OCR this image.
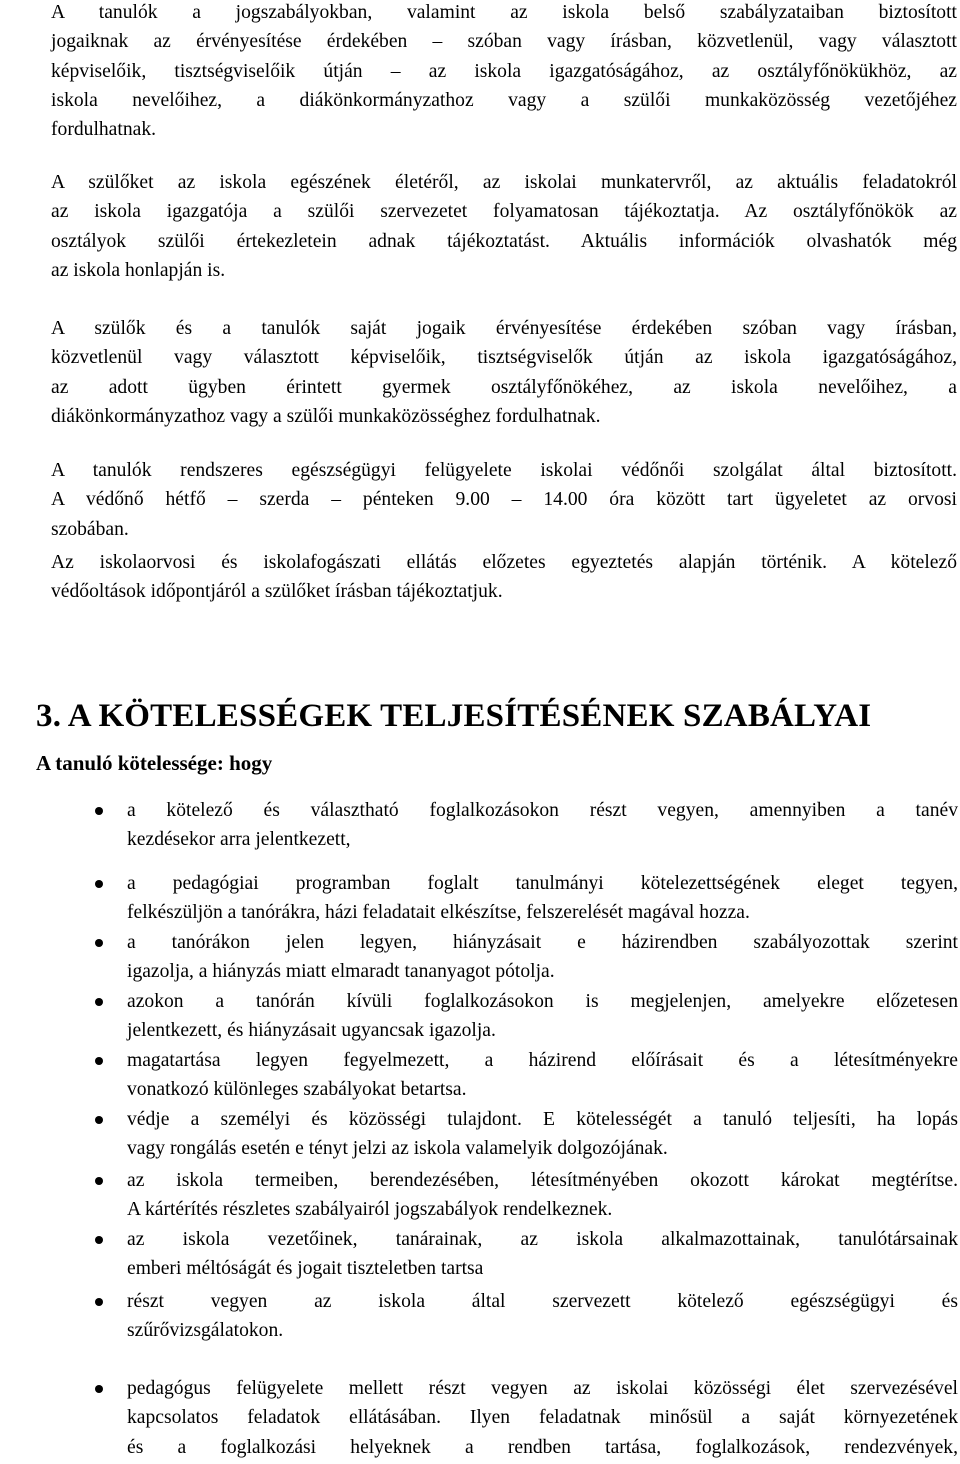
A tanulók a jogszabályokban, valamint az iskola belső szabályzataiban biztosított
jogaiknak az érvényesítése érdekében – szóban vagy írásban, közvetlenül, vagy választott
képviselőik, tisztségviselőik útján – az iskola igazgatóságához, az osztályfőnökükhöz, az
iskola nevelőihez, a diákönkormányzathoz vagy a szülői munkaközösség vezetőjéhez
fordulhatnak.
A szülőket az iskola egészének életéről, az iskolai munkatervről, az aktuális feladatokról
az iskola igazgatója a szülői szervezetet folyamatosan tájékoztatja. Az osztályfőnökök az
osztályok szülői értekezletein adnak tájékoztatást. Aktuális információk olvashatók még
az iskola honlapján is.
A szülők és a tanulók saját jogaik érvényesítése érdekében szóban vagy írásban,
közvetlenül vagy választott képviselőik, tisztségviselők útján az iskola igazgatóságához,
az adott ügyben érintett gyermek osztályfőnökéhez, az iskola nevelőihez, a
diákönkormányzathoz vagy a szülői munkaközösséghez fordulhatnak.
A tanulók rendszeres egészségügyi felügyelete iskolai védőnői szolgálat által biztosított.
A védőnő hétfő – szerda – pénteken 9.00 – 14.00 óra között tart ügyeletet az orvosi
szobában.
Az iskolaorvosi és iskolafogászati ellátás előzetes egyeztetés alapján történik. A kötelező
védőoltások időpontjáról a szülőket írásban tájékoztatjuk.
3. A KÖTELESSÉGEK TELJESÍTÉSÉNEK SZABÁLYAI
A tanuló kötelessége: hogy
a kötelező és választható foglalkozásokon részt vegyen, amennyiben a tanév
kezdésekor arra jelentkezett,
a pedagógiai programban foglalt tanulmányi kötelezettségének eleget tegyen,
felkészüljön a tanórákra, házi feladatait elkészítse, felszerelését magával hozza.
a tanórákon jelen legyen, hiányzásait e házirendben szabályozottak szerint
igazolja, a hiányzás miatt elmaradt tananyagot pótolja.
azokon a tanórán kívüli foglalkozásokon is megjelenjen, amelyekre előzetesen
jelentkezett, és hiányzásait ugyancsak igazolja.
magatartása legyen fegyelmezett, a házirend előírásait és a létesítményekre
vonatkozó különleges szabályokat betartsa.
védje a személyi és közösségi tulajdont. E kötelességét a tanuló teljesíti, ha lopás
vagy rongálás esetén e tényt jelzi az iskola valamelyik dolgozójának.
az iskola termeiben, berendezésében, létesítményében okozott károkat megtérítse.
A kártérítés részletes szabályairól jogszabályok rendelkeznek.
az iskola vezetőinek, tanárainak, az iskola alkalmazottainak, tanulótársainak
emberi méltóságát és jogait tiszteletben tartsa
részt vegyen az iskola által szervezett kötelező egészségügyi és
szűrővizsgálatokon.
pedagógus felügyelete mellett részt vegyen az iskolai közösségi élet szervezésével
kapcsolatos feladatok ellátásában. Ilyen feladatnak minősül a saját környezetének
és a foglalkozási helyeknek a rendben tartása, foglalkozások, rendezvények,
